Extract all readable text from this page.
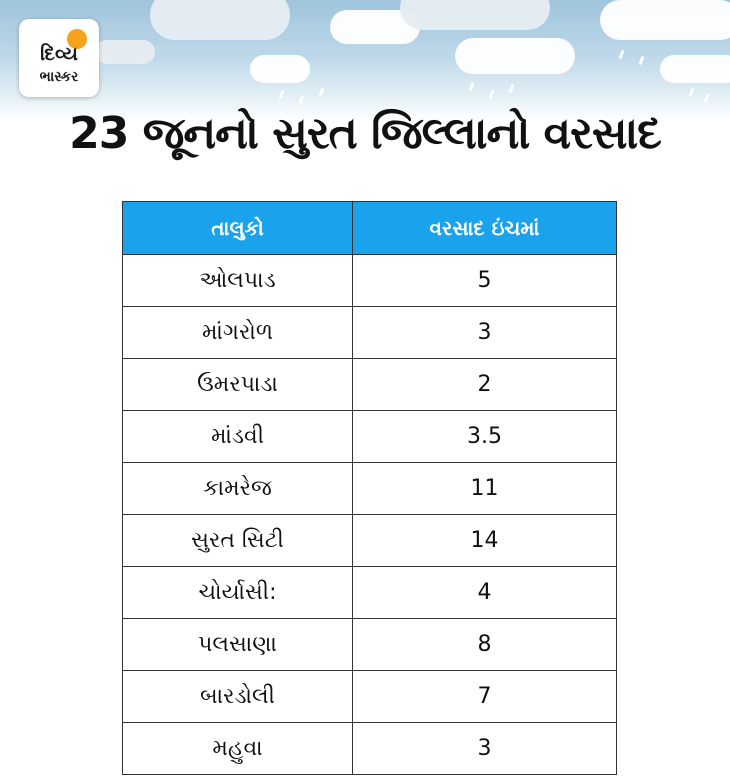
દિવ્ય
ભાસ્કર
23 જૂનનો સુરત જિલ્લાનો વરસાદ
તાલુકો	વરસાદ ઇંચમાં
ઓલપાડ	5
માંગરોળ	3
ઉમરપાડા	2
માંડવી	3.5
કામરેજ	11
સુરત સિટી	14
ચોર્યાસી:	4
પલસાણા	8
બારડોલી	7
મહુવા	3
